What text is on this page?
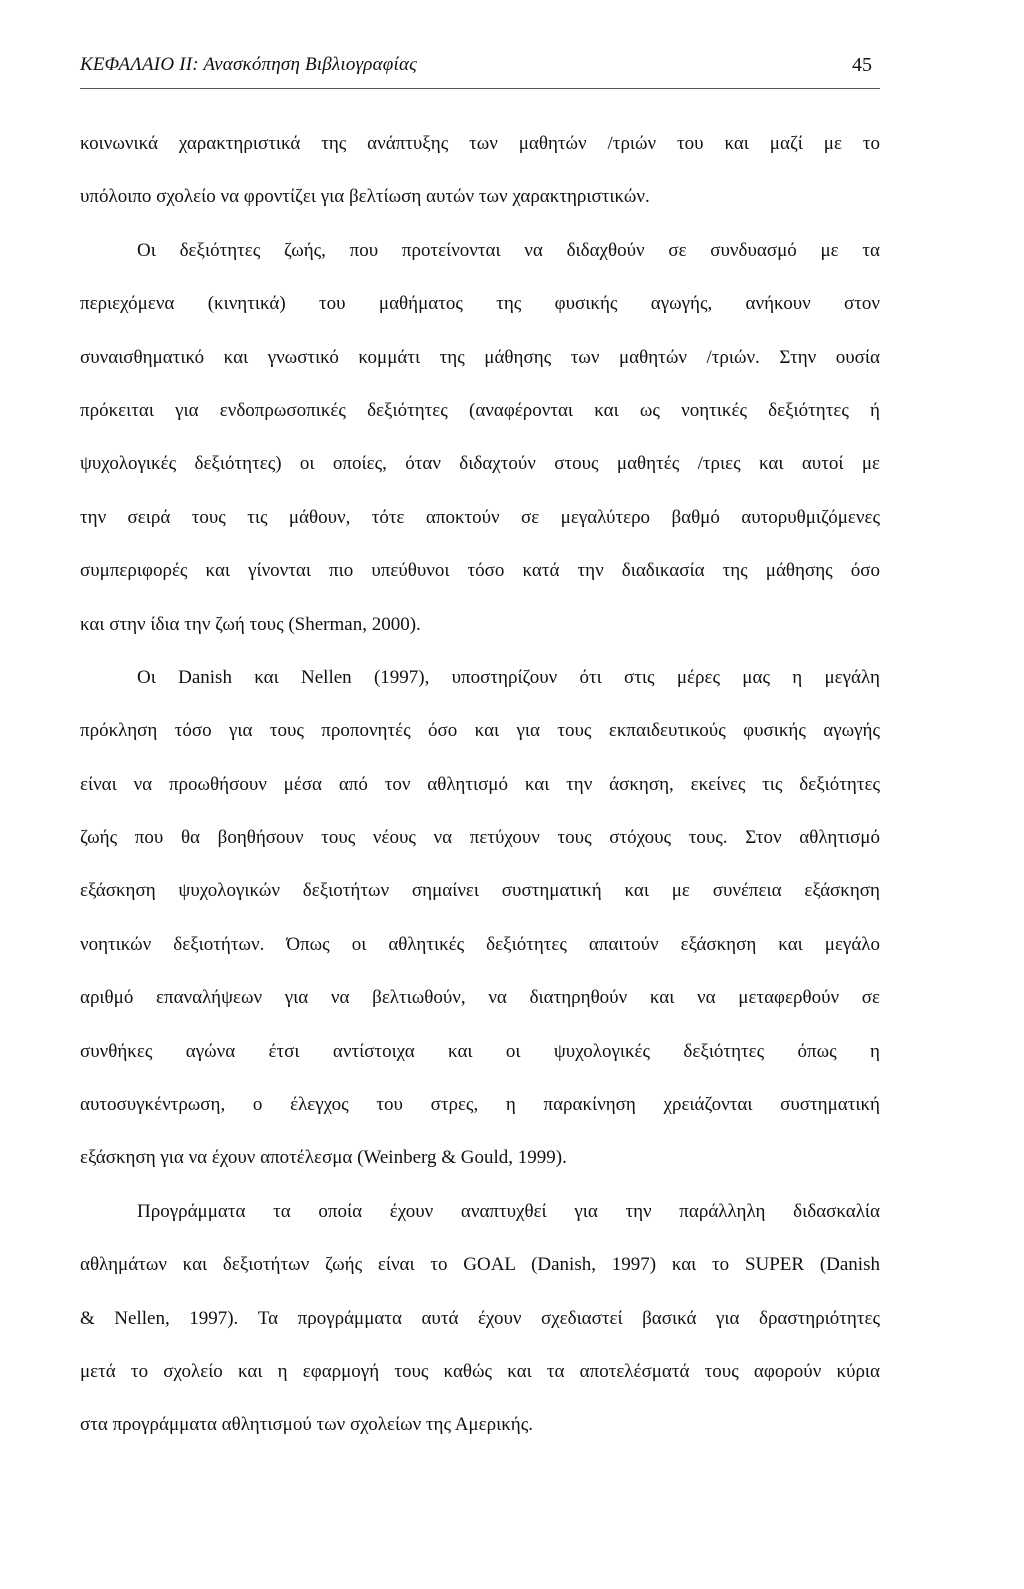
ΚΕΦΑΛΑΙΟ ΙΙ: Ανασκόπηση Βιβλιογραφίας	45
κοινωνικά χαρακτηριστικά της ανάπτυξης των μαθητών /τριών του και μαζί με το
υπόλοιπο σχολείο να φροντίζει για βελτίωση αυτών των χαρακτηριστικών.
Οι δεξιότητες ζωής, που προτείνονται να διδαχθούν σε συνδυασμό με τα
περιεχόμενα (κινητικά) του μαθήματος της φυσικής αγωγής, ανήκουν στον
συναισθηματικό και γνωστικό κομμάτι της μάθησης των μαθητών /τριών. Στην ουσία
πρόκειται για ενδοπρωσοπικές δεξιότητες (αναφέρονται και ως νοητικές δεξιότητες ή
ψυχολογικές δεξιότητες) οι οποίες, όταν διδαχτούν στους μαθητές /τριες και αυτοί με
την σειρά τους τις μάθουν, τότε αποκτούν σε μεγαλύτερο βαθμό αυτορυθμιζόμενες
συμπεριφορές και γίνονται πιο υπεύθυνοι τόσο κατά την διαδικασία της μάθησης όσο
και στην ίδια την ζωή τους (Sherman, 2000).
Οι Danish και Nellen (1997), υποστηρίζουν ότι στις μέρες μας η μεγάλη
πρόκληση τόσο για τους προπονητές όσο και για τους εκπαιδευτικούς φυσικής αγωγής
είναι να προωθήσουν μέσα από τον αθλητισμό και την άσκηση, εκείνες τις δεξιότητες
ζωής που θα βοηθήσουν τους νέους να πετύχουν τους στόχους τους. Στον αθλητισμό
εξάσκηση ψυχολογικών δεξιοτήτων σημαίνει συστηματική και με συνέπεια εξάσκηση
νοητικών δεξιοτήτων. Όπως οι αθλητικές δεξιότητες απαιτούν εξάσκηση και μεγάλο
αριθμό επαναλήψεων για να βελτιωθούν, να διατηρηθούν και να μεταφερθούν σε
συνθήκες αγώνα έτσι αντίστοιχα και οι ψυχολογικές δεξιότητες όπως η
αυτοσυγκέντρωση, ο έλεγχος του στρες, η παρακίνηση χρειάζονται συστηματική
εξάσκηση για να έχουν αποτέλεσμα (Weinberg & Gould, 1999).
Προγράμματα τα οποία έχουν αναπτυχθεί για την παράλληλη διδασκαλία
αθλημάτων και δεξιοτήτων ζωής είναι το GOAL (Danish, 1997) και το SUPER (Danish
& Nellen, 1997). Τα προγράμματα αυτά έχουν σχεδιαστεί βασικά για δραστηριότητες
μετά το σχολείο και η εφαρμογή τους καθώς και τα αποτελέσματά τους αφορούν κύρια
στα προγράμματα αθλητισμού των σχολείων της Αμερικής.
